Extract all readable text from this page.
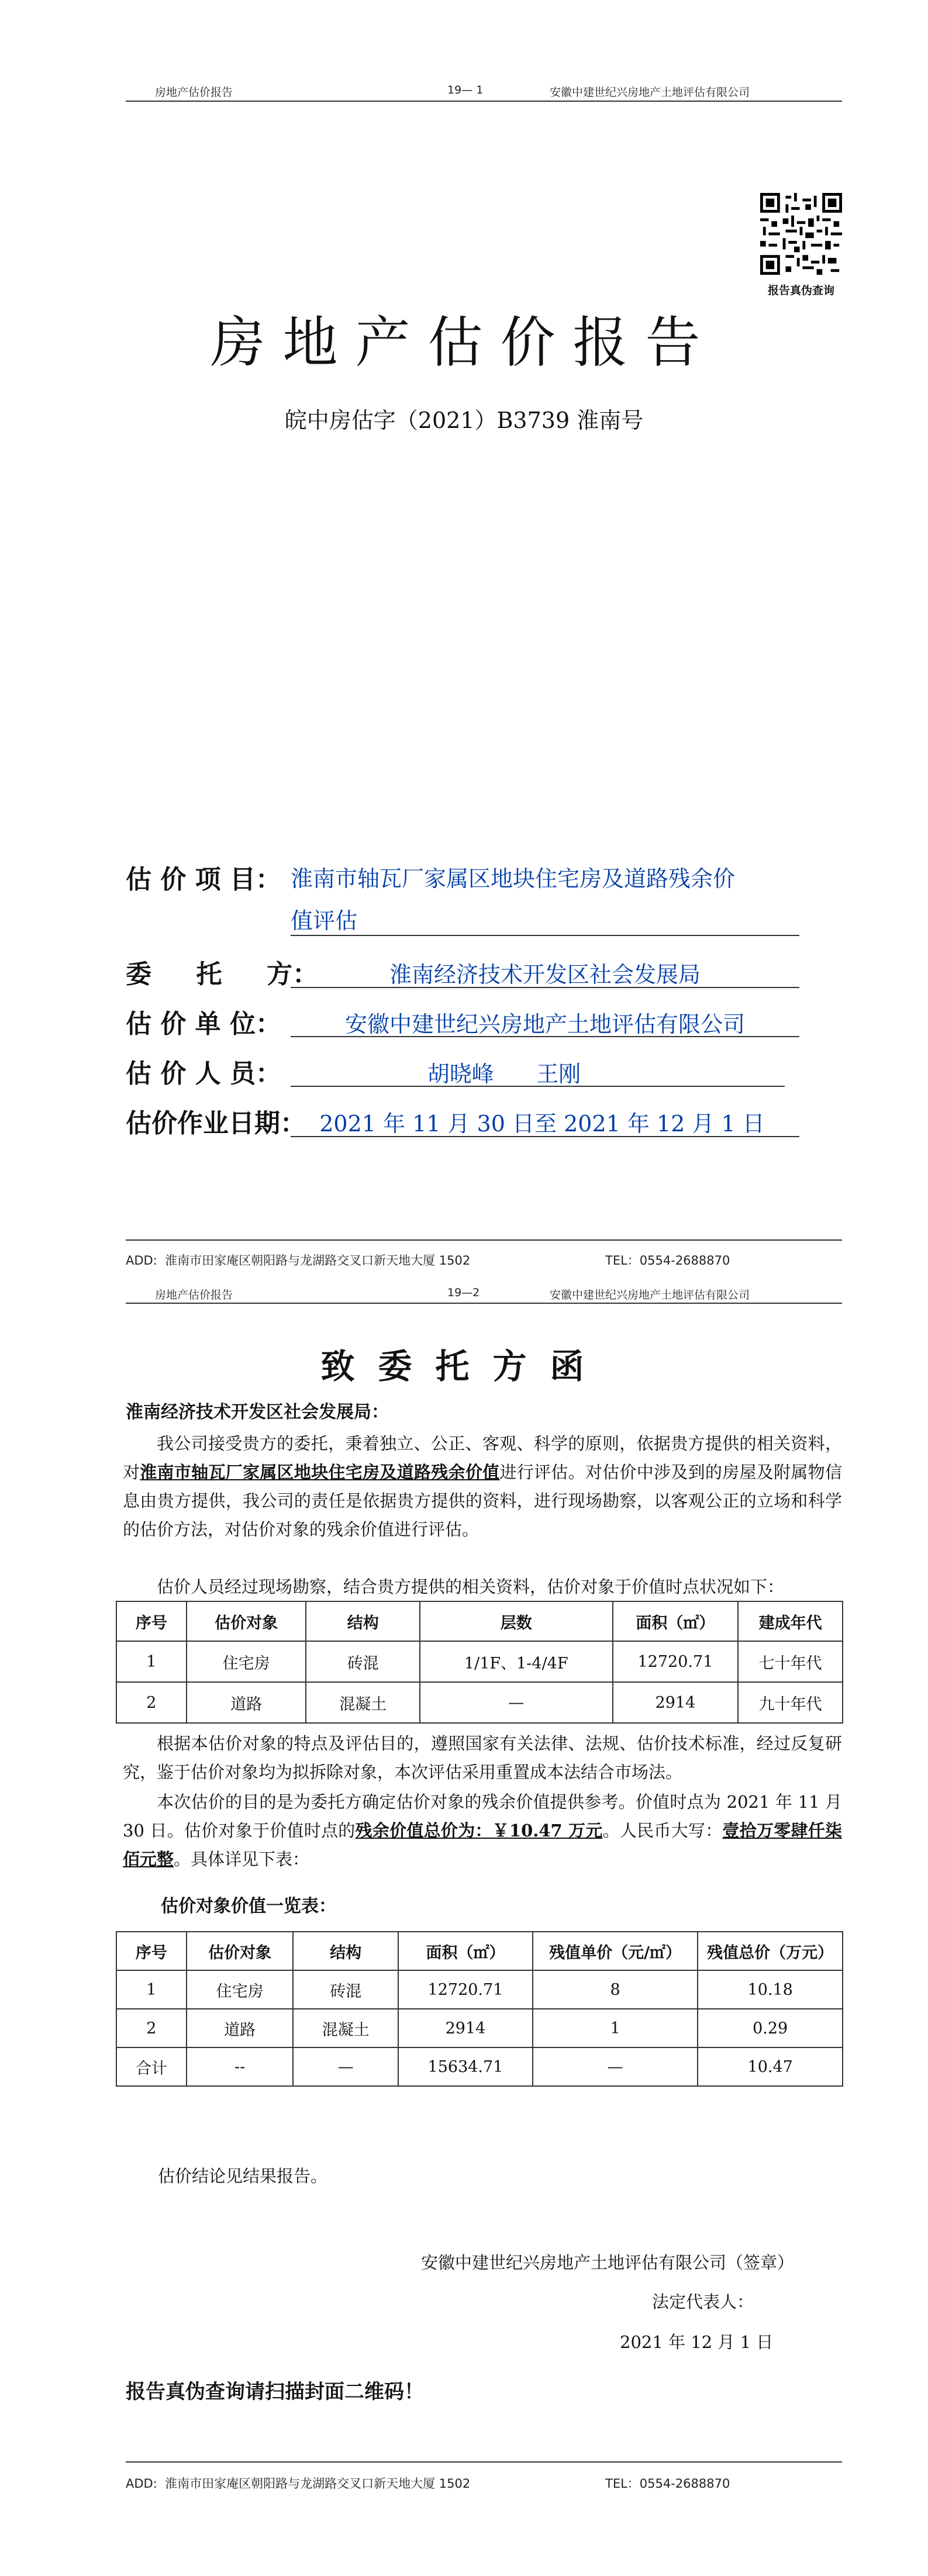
房地产估价报告	19— 1	安徽中建世纪兴房地产土地评估有限公司
报告真伪查询
房地产估价报告
皖中房估字（2021）B3739 淮南号
估 价 项 目： 淮南市轴瓦厂家属区地块住宅房及道路残余价
值评估
委     托     方：	淮南经济技术开发区社会发展局
估 价 单 位：	安徽中建世纪兴房地产土地评估有限公司
估 价 人 员：	胡晓峰      王刚
估价作业日期： 2021 年 11 月 30 日至 2021 年 12 月 1 日
ADD:  淮南市田家庵区朝阳路与龙湖路交叉口新天地大厦 1502	TEL：0554-2688870
房地产估价报告	19—2	安徽中建世纪兴房地产土地评估有限公司
致委托方函
淮南经济技术开发区社会发展局：
我公司接受贵方的委托，秉着独立、公正、客观、科学的原则，依据贵方提供的相关资料，对淮南市轴瓦厂家属区地块住宅房及道路残余价值进行评估。对估价中涉及到的房屋及附属物信息由贵方提供，我公司的责任是依据贵方提供的资料，进行现场勘察，以客观公正的立场和科学的估价方法，对估价对象的残余价值进行评估。
估价人员经过现场勘察，结合贵方提供的相关资料，估价对象于价值时点状况如下：
序号	估价对象	结构	层数	面积（㎡）	建成年代
1	住宅房	砖混	1/1F、1-4/4F	12720.71	七十年代
2	道路	混凝土	—	2914	九十年代
根据本估价对象的特点及评估目的，遵照国家有关法律、法规、估价技术标准，经过反复研究，鉴于估价对象均为拟拆除对象，本次评估采用重置成本法结合市场法。
本次估价的目的是为委托方确定估价对象的残余价值提供参考。价值时点为 2021 年 11 月 30 日。估价对象于价值时点的残余价值总价为：￥10.47 万元。人民币大写：壹拾万零肆仟柒佰元整。具体详见下表：
估价对象价值一览表：
序号	估价对象	结构	面积（㎡）	残值单价（元/㎡）	残值总价（万元）
1	住宅房	砖混	12720.71	8	10.18
2	道路	混凝土	2914	1	0.29
合计	--	—	15634.71	—	10.47
估价结论见结果报告。
安徽中建世纪兴房地产土地评估有限公司（签章）
法定代表人：
2021 年 12 月 1 日
报告真伪查询请扫描封面二维码！
ADD:  淮南市田家庵区朝阳路与龙湖路交叉口新天地大厦 1502	TEL：0554-2688870
